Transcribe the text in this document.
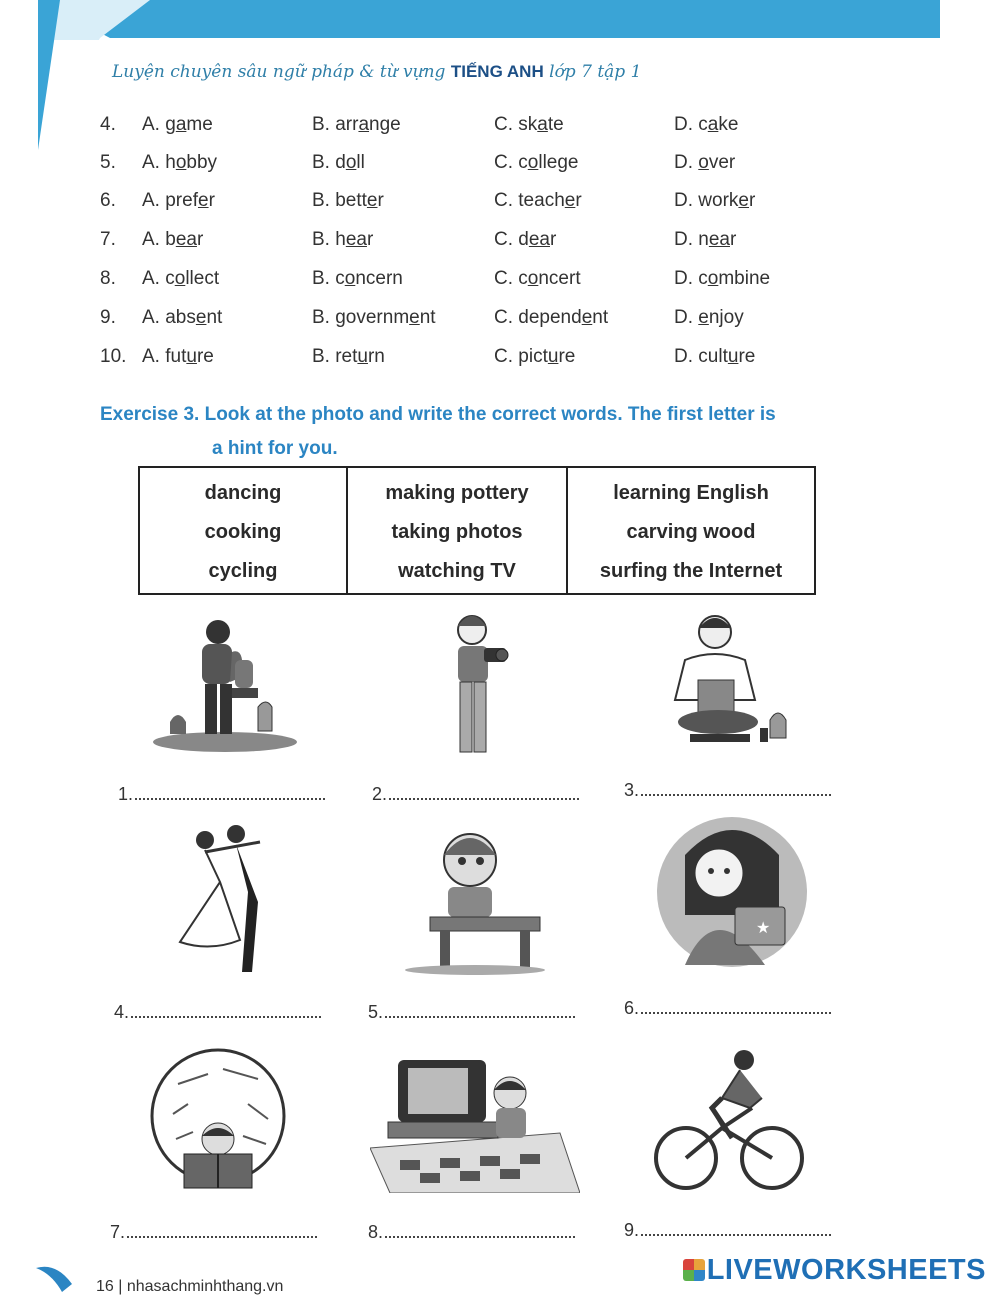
Luyện chuyên sâu ngữ pháp & từ vựng TIẾNG ANH lớp 7 tập 1
4. A. game	B. arrange	C. skate	D. cake
5. A. hobby	B. doll	C. college	D. over
6. A. prefer	B. better	C. teacher	D. worker
7. A. bear	B. hear	C. dear	D. near
8. A. collect	B. concern	C. concert	D. combine
9. A. absent	B. government	C. dependent	D. enjoy
10. A. future	B. return	C. picture	D. culture
Exercise 3. Look at the photo and write the correct words. The first letter is
a hint for you.
dancing
cooking
cycling

making pottery
taking photos
watching TV

learning English
carving wood
surfing the Internet
★
1.	2.	3.
4.	5.	6.
7.	8.	9.
16 | nhasachminhthang.vn
LIVEWORKSHEETS
